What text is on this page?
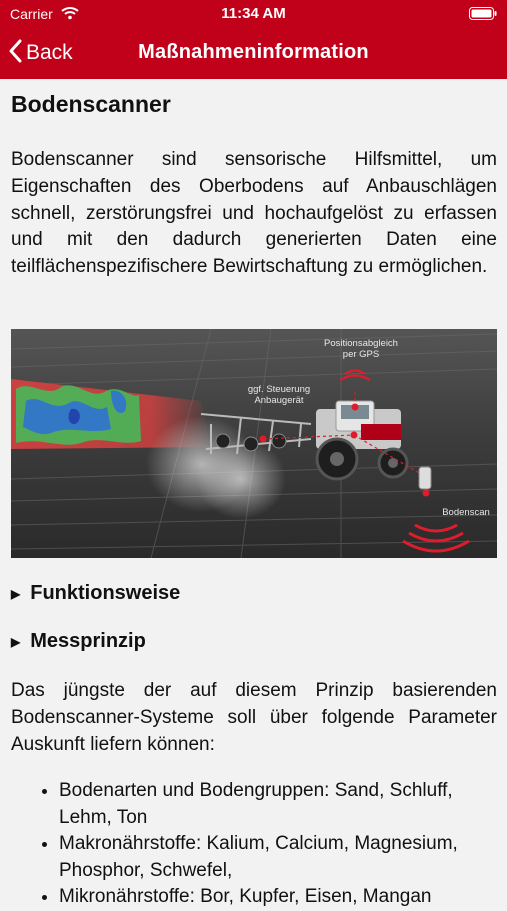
Carrier	11:34 AM
Back	Maßnahmeninformation
Bodenscanner

Bodenscanner sind sensorische Hilfsmittel, um Eigenschaften des Oberbodens auf Anbauschlägen schnell, zerstörungsfrei und hochaufgelöst zu erfassen und mit den dadurch generierten Daten eine teilflächenspezifischere Bewirtschaftung zu ermöglichen.

Positionsabgleich
per GPS
ggf. Steuerung
Anbaugerät
Bodenscan
▶ Funktionsweise
▶ Messprinzip

Das jüngste der auf diesem Prinzip basierenden Bodenscanner-Systeme soll über folgende Parameter Auskunft liefern können:

• Bodenarten und Bodengruppen: Sand, Schluff, Lehm, Ton
• Makronährstoffe: Kalium, Calcium, Magnesium, Phosphor, Schwefel,
• Mikronährstoffe: Bor, Kupfer, Eisen, Mangan
